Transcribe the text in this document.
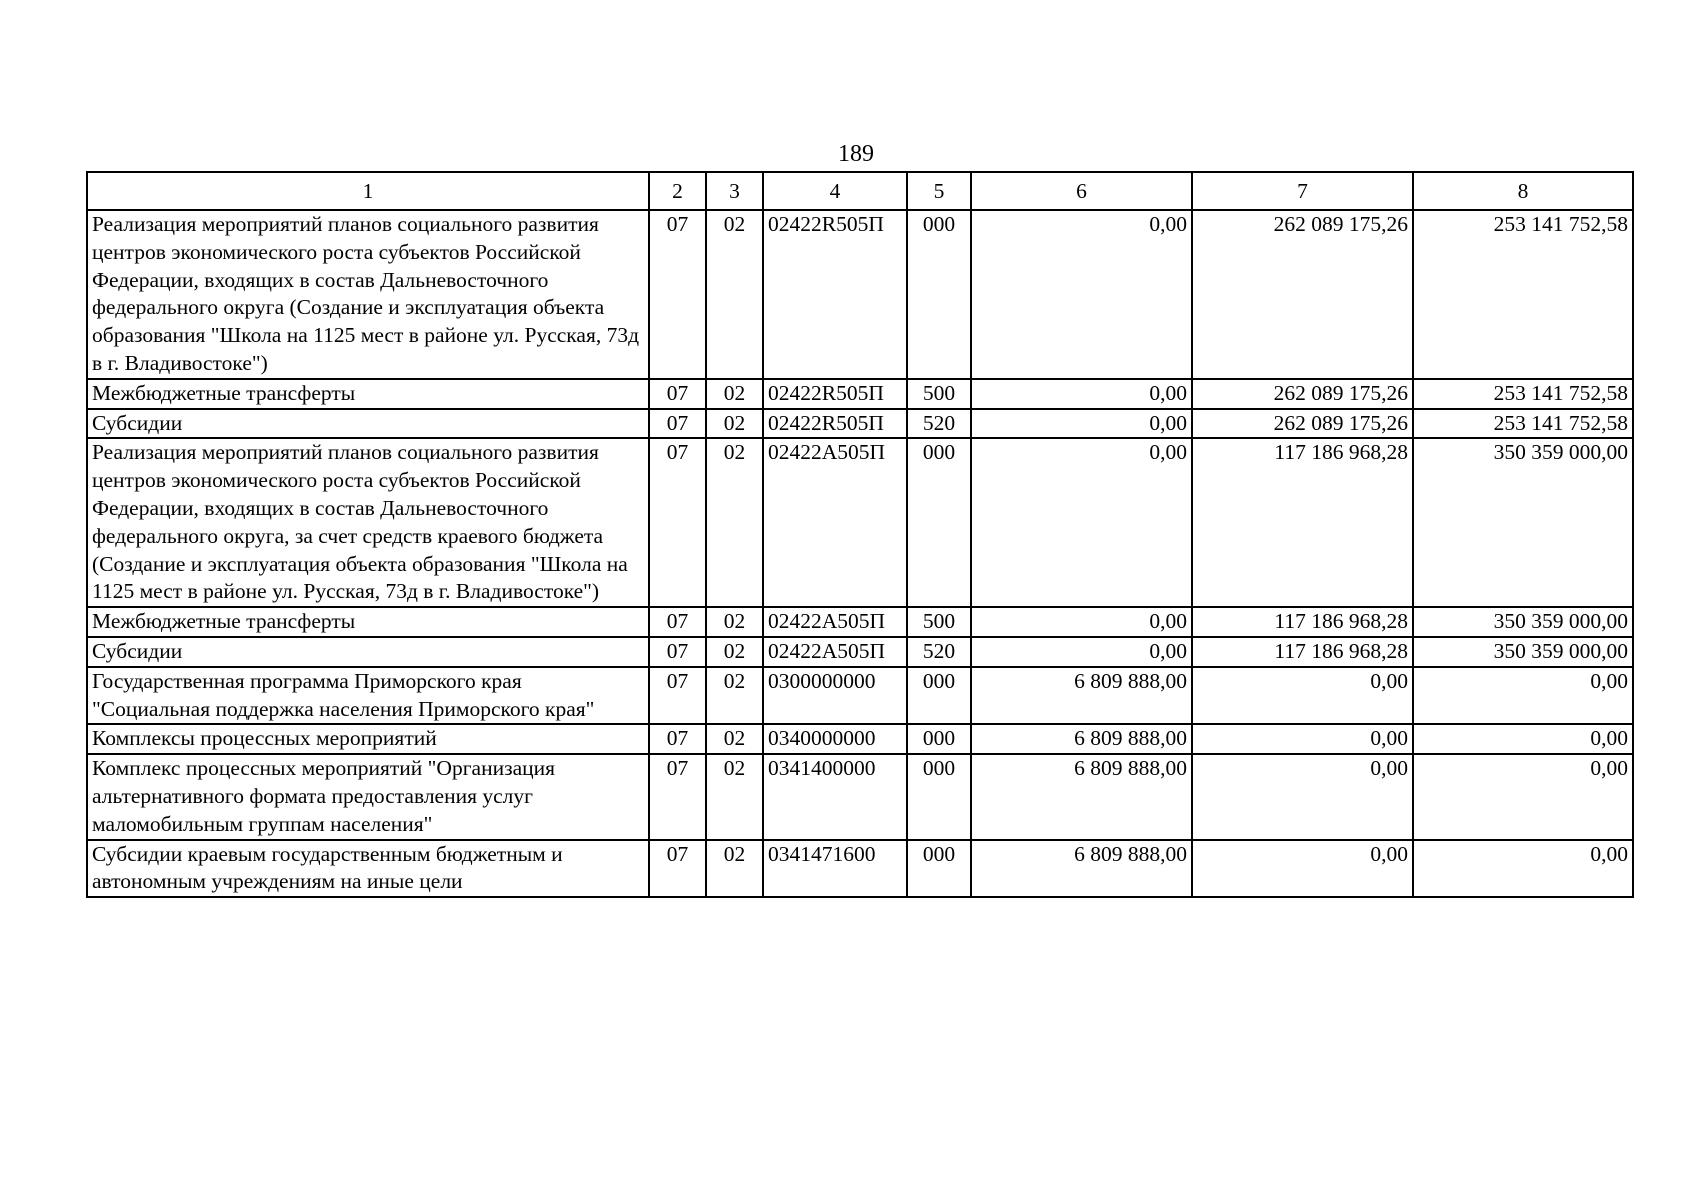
189
1	2	3	4	5	6	7	8
Реализация мероприятий планов социального развития центров экономического роста субъектов Российской Федерации, входящих в состав Дальневосточного федерального округа (Создание и эксплуатация объекта образования "Школа на 1125 мест в районе ул. Русская, 73д в г. Владивостоке")	07	02	02422R505П	000	0,00	262 089 175,26	253 141 752,58
Межбюджетные трансферты	07	02	02422R505П	500	0,00	262 089 175,26	253 141 752,58
Субсидии	07	02	02422R505П	520	0,00	262 089 175,26	253 141 752,58
Реализация мероприятий планов социального развития центров экономического роста субъектов Российской Федерации, входящих в состав Дальневосточного федерального округа, за счет средств краевого бюджета (Создание и эксплуатация объекта образования "Школа на 1125 мест в районе ул. Русская, 73д в г. Владивостоке")	07	02	02422А505П	000	0,00	117 186 968,28	350 359 000,00
Межбюджетные трансферты	07	02	02422А505П	500	0,00	117 186 968,28	350 359 000,00
Субсидии	07	02	02422А505П	520	0,00	117 186 968,28	350 359 000,00
Государственная программа Приморского края "Социальная поддержка населения Приморского края"	07	02	0300000000	000	6 809 888,00	0,00	0,00
Комплексы процессных мероприятий	07	02	0340000000	000	6 809 888,00	0,00	0,00
Комплекс процессных мероприятий "Организация альтернативного формата предоставления услуг маломобильным группам населения"	07	02	0341400000	000	6 809 888,00	0,00	0,00
Субсидии краевым государственным бюджетным и автономным учреждениям на иные цели	07	02	0341471600	000	6 809 888,00	0,00	0,00
